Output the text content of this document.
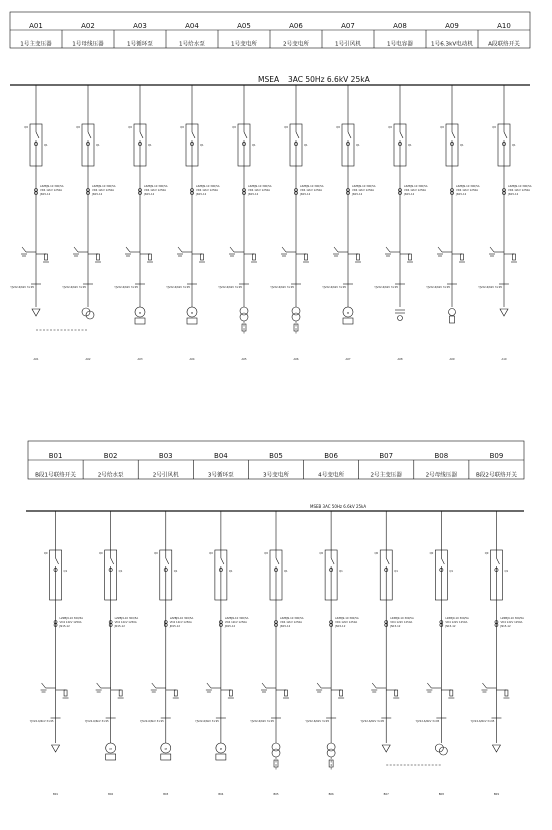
MSEA 3AC 50Hz 6.6kV 25kA
A01
1号主变压器
Q0
Q1
LZZBJ9-10 300/5A
VD4 12kV 1250A
JN15-12
YJV22-6/6kV 3×95
A01
A02
1号母线压器
Q0
Q1
LZZBJ9-10 300/5A
VD4 12kV 1250A
JN15-12
YJV22-6/6kV 3×95
A02
A03
1号循环泵
Q0
Q1
LZZBJ9-10 300/5A
VD4 12kV 1250A
JN15-12
YJV22-6/6kV 3×95
M
A03
A04
1号给水泵
Q0
Q1
LZZBJ9-10 300/5A
VD4 12kV 1250A
JN15-12
YJV22-6/6kV 3×95
M
A04
A05
1号变电所
Q0
Q1
LZZBJ9-10 300/5A
VD4 12kV 1250A
JN15-12
YJV22-6/6kV 3×95
A05
A06
2号变电所
Q0
Q1
LZZBJ9-10 300/5A
VD4 12kV 1250A
JN15-12
YJV22-6/6kV 3×95
A06
A07
1号引风机
Q0
Q1
LZZBJ9-10 300/5A
VD4 12kV 1250A
JN15-12
YJV22-6/6kV 3×95
M
A07
A08
1号电容器
Q0
Q1
LZZBJ9-10 300/5A
VD4 12kV 1250A
JN15-12
YJV22-6/6kV 3×95
A08
A09
1号6.3kV电动机
Q0
Q1
LZZBJ9-10 300/5A
VD4 12kV 1250A
JN15-12
YJV22-6/6kV 3×95
A09
A10
A段联络开关
Q0
Q1
LZZBJ9-10 300/5A
VD4 12kV 1250A
JN15-12
YJV22-6/6kV 3×95
A10
MSEB 3AC 50Hz 6.6kV 25kA
B01
B段1号联络开关
Q0
Q1
LZZBJ9-10 300/5A
VD4 12kV 1250A
JN15-12
YJV22-6/6kV 3×95
B01
B02
2号给水泵
Q0
Q1
LZZBJ9-10 300/5A
VD4 12kV 1250A
JN15-12
YJV22-6/6kV 3×95
M
B02
B03
2号引风机
Q0
Q1
LZZBJ9-10 300/5A
VD4 12kV 1250A
JN15-12
YJV22-6/6kV 3×95
M
B03
B04
3号循环泵
Q0
Q1
LZZBJ9-10 300/5A
VD4 12kV 1250A
JN15-12
YJV22-6/6kV 3×95
M
B04
B05
3号变电所
Q0
Q1
LZZBJ9-10 300/5A
VD4 12kV 1250A
JN15-12
YJV22-6/6kV 3×95
B05
B06
4号变电所
Q0
Q1
LZZBJ9-10 300/5A
VD4 12kV 1250A
JN15-12
YJV22-6/6kV 3×95
B06
B07
2号主变压器
Q0
Q1
LZZBJ9-10 300/5A
VD4 12kV 1250A
JN15-12
YJV22-6/6kV 3×95
B07
B08
2号母线压器
Q0
Q1
LZZBJ9-10 300/5A
VD4 12kV 1250A
JN15-12
YJV22-6/6kV 3×95
B08
B09
B段2号联络开关
Q0
Q1
LZZBJ9-10 300/5A
VD4 12kV 1250A
JN15-12
YJV22-6/6kV 3×95
B09
